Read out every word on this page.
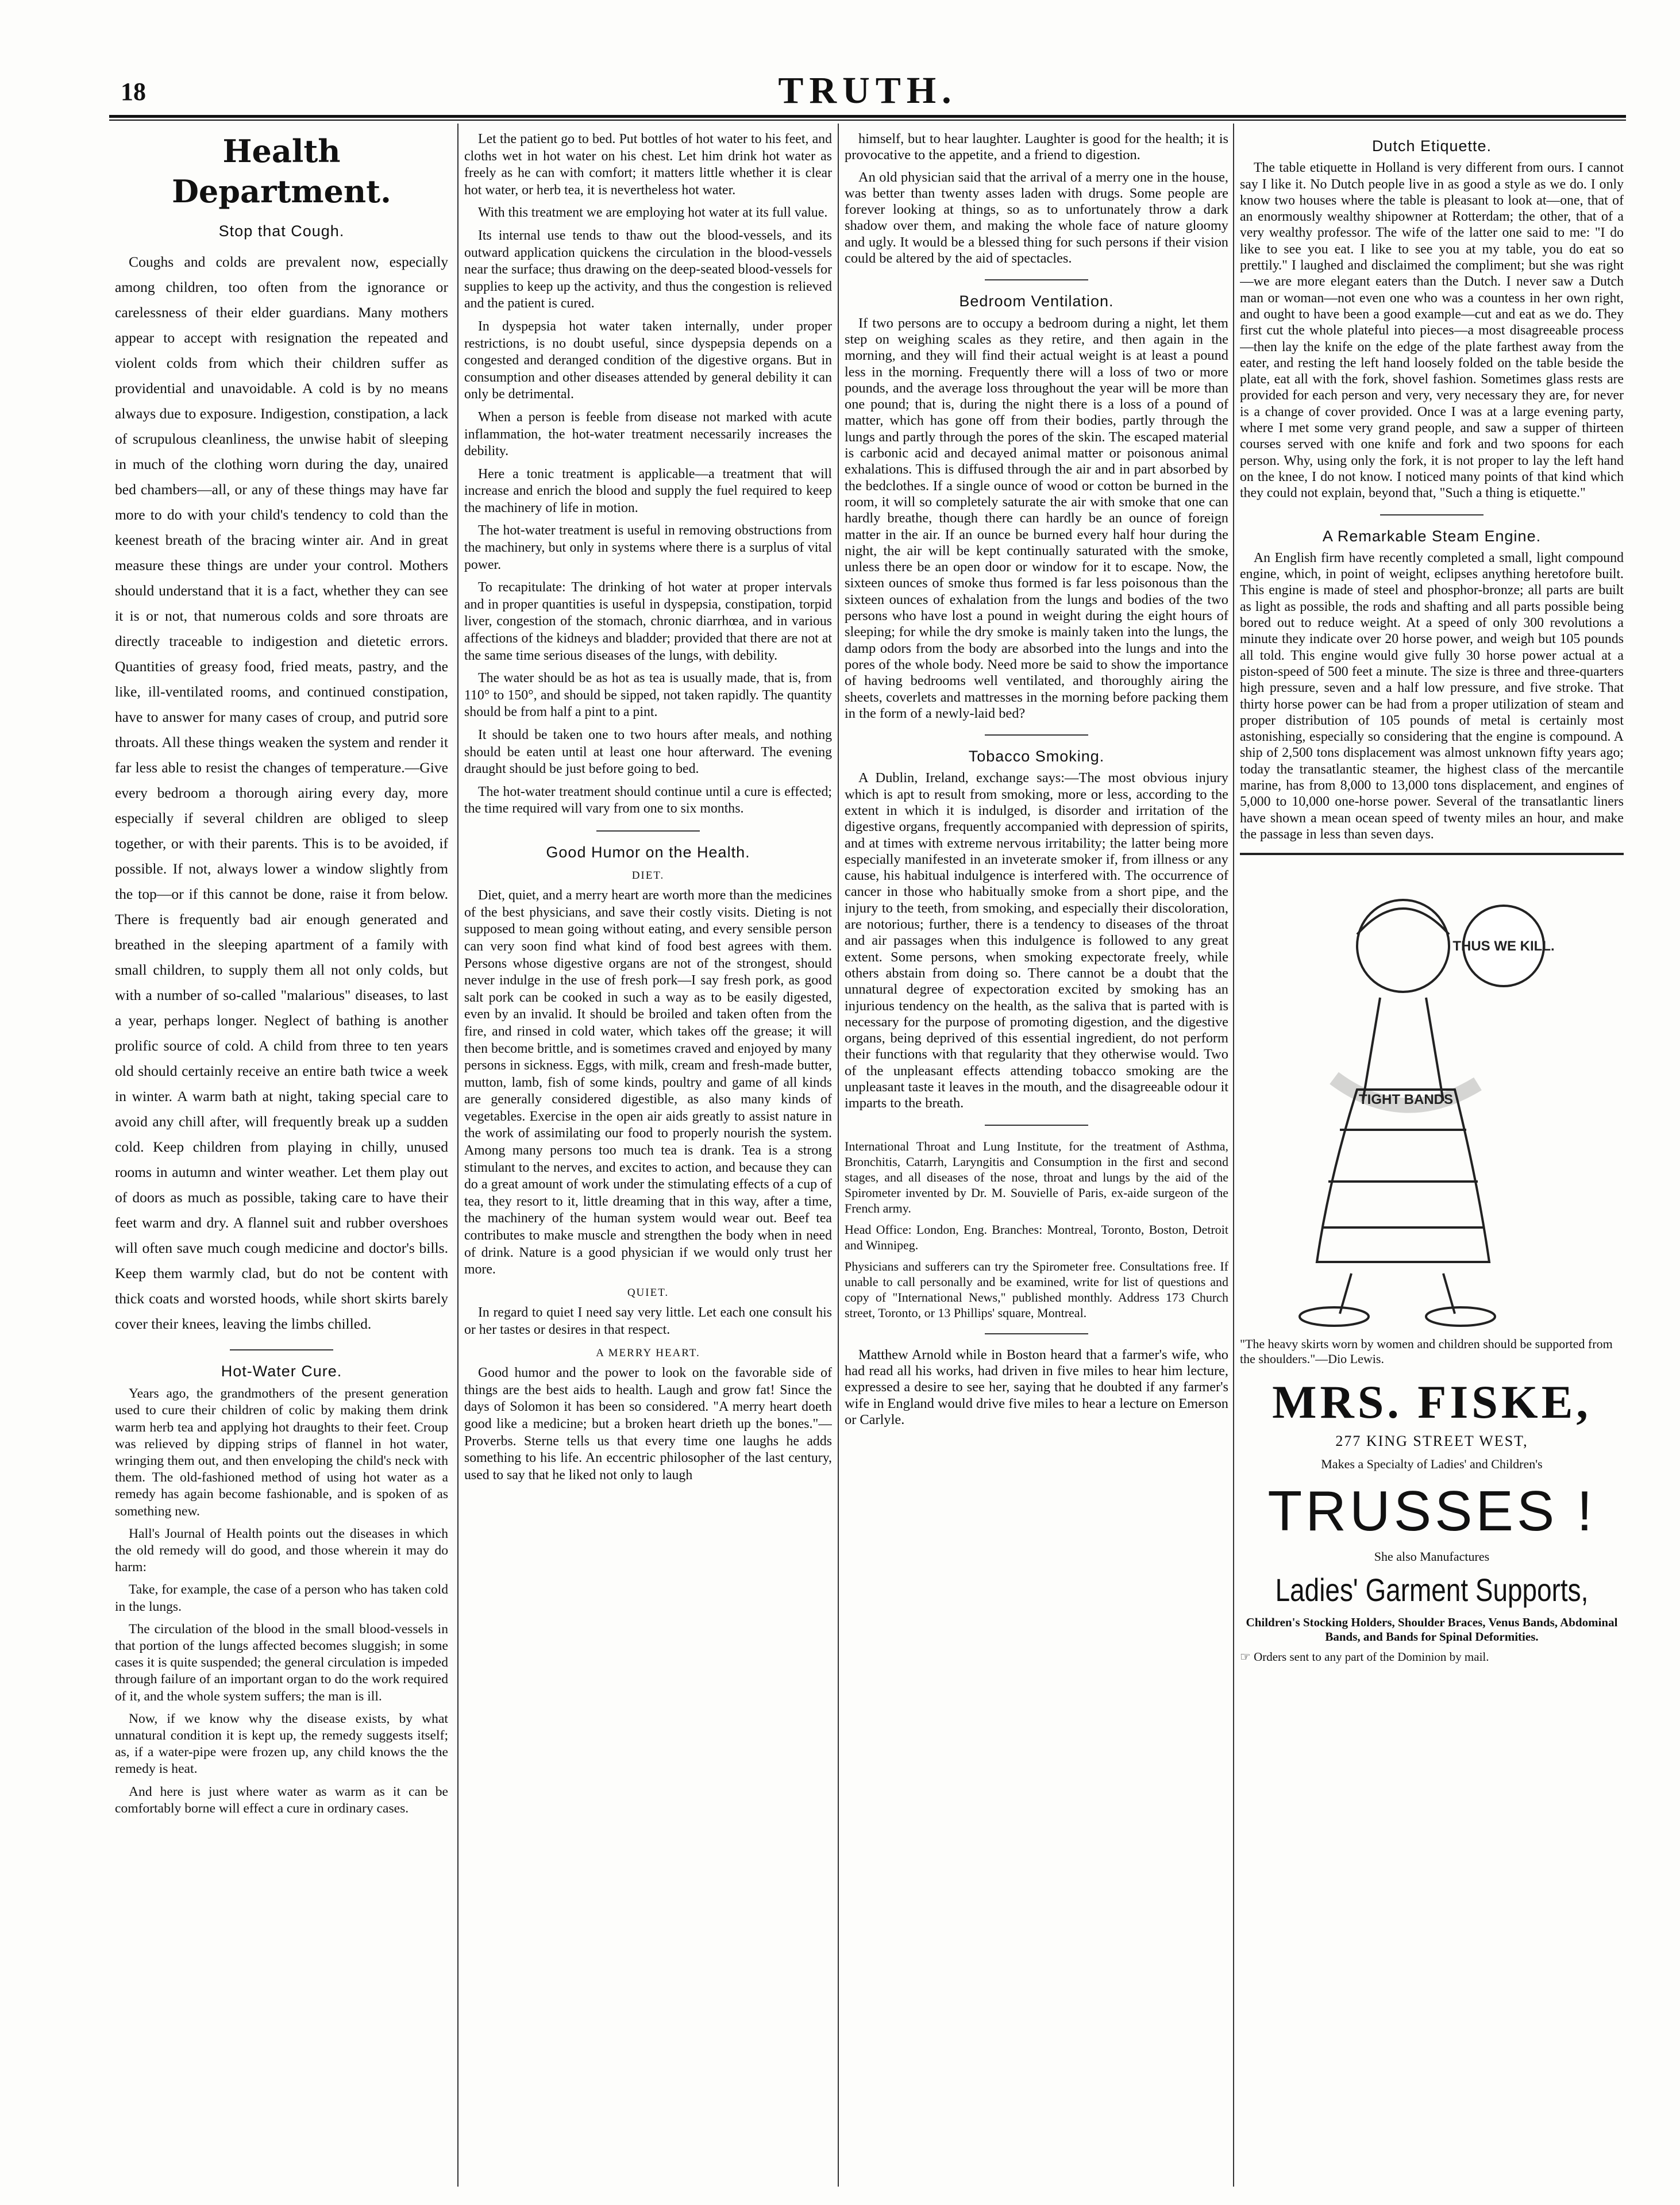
18	TRUTH.
Health Department.
Stop that Cough.

Coughs and colds are prevalent now, especially among children, too often from the ignorance or carelessness of their elder guardians. Many mothers appear to accept with resignation the repeated and violent colds from which their children suffer as providential and unavoidable. A cold is by no means always due to exposure. Indigestion, constipation, a lack of scrupulous cleanliness, the unwise habit of sleeping in much of the clothing worn during the day, unaired bed chambers—all, or any of these things may have far more to do with your child's tendency to cold than the keenest breath of the bracing winter air. And in great measure these things are under your control. Mothers should understand that it is a fact, whether they can see it is or not, that numerous colds and sore throats are directly traceable to indigestion and dietetic errors. Quantities of greasy food, fried meats, pastry, and the like, ill-ventilated rooms, and continued constipation, have to answer for many cases of croup, and putrid sore throats. All these things weaken the system and render it far less able to resist the changes of temperature.—Give every bedroom a thorough airing every day, more especially if several children are obliged to sleep together, or with their parents. This is to be avoided, if possible. If not, always lower a window slightly from the top—or if this cannot be done, raise it from below. There is frequently bad air enough generated and breathed in the sleeping apartment of a family with small children, to supply them all not only colds, but with a number of so-called "malarious" diseases, to last a year, perhaps longer. Neglect of bathing is another prolific source of cold. A child from three to ten years old should certainly receive an entire bath twice a week in winter. A warm bath at night, taking special care to avoid any chill after, will frequently break up a sudden cold. Keep children from playing in chilly, unused rooms in autumn and winter weather. Let them play out of doors as much as possible, taking care to have their feet warm and dry. A flannel suit and rubber overshoes will often save much cough medicine and doctor's bills. Keep them warmly clad, but do not be content with thick coats and worsted hoods, while short skirts barely cover their knees, leaving the limbs chilled.

Hot-Water Cure.

Years ago, the grandmothers of the present generation used to cure their children of colic by making them drink warm herb tea and applying hot draughts to their feet. Croup was relieved by dipping strips of flannel in hot water, wringing them out, and then enveloping the child's neck with them. The old-fashioned method of using hot water as a remedy has again become fashionable, and is spoken of as something new.

Hall's Journal of Health points out the diseases in which the old remedy will do good, and those wherein it may do harm:

Take, for example, the case of a person who has taken cold in the lungs.

The circulation of the blood in the small blood-vessels in that portion of the lungs affected becomes sluggish; in some cases it is quite suspended; the general circulation is impeded through failure of an important organ to do the work required of it, and the whole system suffers; the man is ill.

Now, if we know why the disease exists, by what unnatural condition it is kept up, the remedy suggests itself; as, if a water-pipe were frozen up, any child knows the the remedy is heat.

And here is just where water as warm as it can be comfortably borne will effect a cure in ordinary cases.

Let the patient go to bed. Put bottles of hot water to his feet, and cloths wet in hot water on his chest. Let him drink hot water as freely as he can with comfort; it matters little whether it is clear hot water, or herb tea, it is nevertheless hot water.

With this treatment we are employing hot water at its full value.

Its internal use tends to thaw out the blood-vessels, and its outward application quickens the circulation in the blood-vessels near the surface; thus drawing on the deep-seated blood-vessels for supplies to keep up the activity, and thus the congestion is relieved and the patient is cured.

In dyspepsia hot water taken internally, under proper restrictions, is no doubt useful, since dyspepsia depends on a congested and deranged condition of the digestive organs. But in consumption and other diseases attended by general debility it can only be detrimental.

When a person is feeble from disease not marked with acute inflammation, the hot-water treatment necessarily increases the debility.

Here a tonic treatment is applicable—a treatment that will increase and enrich the blood and supply the fuel required to keep the machinery of life in motion.

The hot-water treatment is useful in removing obstructions from the machinery, but only in systems where there is a surplus of vital power.

To recapitulate: The drinking of hot water at proper intervals and in proper quantities is useful in dyspepsia, constipation, torpid liver, congestion of the stomach, chronic diarrhœa, and in various affections of the kidneys and bladder; provided that there are not at the same time serious diseases of the lungs, with debility.

The water should be as hot as tea is usually made, that is, from 110° to 150°, and should be sipped, not taken rapidly. The quantity should be from half a pint to a pint.

It should be taken one to two hours after meals, and nothing should be eaten until at least one hour afterward. The evening draught should be just before going to bed.

The hot-water treatment should continue until a cure is effected; the time required will vary from one to six months.

Good Humor on the Health.
DIET.

Diet, quiet, and a merry heart are worth more than the medicines of the best physicians, and save their costly visits. Dieting is not supposed to mean going without eating, and every sensible person can very soon find what kind of food best agrees with them. Persons whose digestive organs are not of the strongest, should never indulge in the use of fresh pork—I say fresh pork, as good salt pork can be cooked in such a way as to be easily digested, even by an invalid. It should be broiled and taken often from the fire, and rinsed in cold water, which takes off the grease; it will then become brittle, and is sometimes craved and enjoyed by many persons in sickness. Eggs, with milk, cream and fresh-made butter, mutton, lamb, fish of some kinds, poultry and game of all kinds are generally considered digestible, as also many kinds of vegetables. Exercise in the open air aids greatly to assist nature in the work of assimilating our food to properly nourish the system. Among many persons too much tea is drank. Tea is a strong stimulant to the nerves, and excites to action, and because they can do a great amount of work under the stimulating effects of a cup of tea, they resort to it, little dreaming that in this way, after a time, the machinery of the human system would wear out. Beef tea contributes to make muscle and strengthen the body when in need of drink. Nature is a good physician if we would only trust her more.

QUIET.

In regard to quiet I need say very little. Let each one consult his or her tastes or desires in that respect.

A MERRY HEART.

Good humor and the power to look on the favorable side of things are the best aids to health. Laugh and grow fat! Since the days of Solomon it has been so considered. "A merry heart doeth good like a medicine; but a broken heart drieth up the bones."—Proverbs. Sterne tells us that every time one laughs he adds something to his life. An eccentric philosopher of the last century, used to say that he liked not only to laugh

himself, but to hear laughter. Laughter is good for the health; it is provocative to the appetite, and a friend to digestion.

An old physician said that the arrival of a merry one in the house, was better than twenty asses laden with drugs. Some people are forever looking at things, so as to unfortunately throw a dark shadow over them, and making the whole face of nature gloomy and ugly. It would be a blessed thing for such persons if their vision could be altered by the aid of spectacles.

Bedroom Ventilation.

If two persons are to occupy a bedroom during a night, let them step on weighing scales as they retire, and then again in the morning, and they will find their actual weight is at least a pound less in the morning. Frequently there will a loss of two or more pounds, and the average loss throughout the year will be more than one pound; that is, during the night there is a loss of a pound of matter, which has gone off from their bodies, partly through the lungs and partly through the pores of the skin. The escaped material is carbonic acid and decayed animal matter or poisonous animal exhalations. This is diffused through the air and in part absorbed by the bedclothes. If a single ounce of wood or cotton be burned in the room, it will so completely saturate the air with smoke that one can hardly breathe, though there can hardly be an ounce of foreign matter in the air. If an ounce be burned every half hour during the night, the air will be kept continually saturated with the smoke, unless there be an open door or window for it to escape. Now, the sixteen ounces of smoke thus formed is far less poisonous than the sixteen ounces of exhalation from the lungs and bodies of the two persons who have lost a pound in weight during the eight hours of sleeping; for while the dry smoke is mainly taken into the lungs, the damp odors from the body are absorbed into the lungs and into the pores of the whole body. Need more be said to show the importance of having bedrooms well ventilated, and thoroughly airing the sheets, coverlets and mattresses in the morning before packing them in the form of a newly-laid bed?

Tobacco Smoking.

A Dublin, Ireland, exchange says:—The most obvious injury which is apt to result from smoking, more or less, according to the extent in which it is indulged, is disorder and irritation of the digestive organs, frequently accompanied with depression of spirits, and at times with extreme nervous irritability; the latter being more especially manifested in an inveterate smoker if, from illness or any cause, his habitual indulgence is interfered with. The occurrence of cancer in those who habitually smoke from a short pipe, and the injury to the teeth, from smoking, and especially their discoloration, are notorious; further, there is a tendency to diseases of the throat and air passages when this indulgence is followed to any great extent. Some persons, when smoking expectorate freely, while others abstain from doing so. There cannot be a doubt that the unnatural degree of expectoration excited by smoking has an injurious tendency on the health, as the saliva that is parted with is necessary for the purpose of promoting digestion, and the digestive organs, being deprived of this essential ingredient, do not perform their functions with that regularity that they otherwise would. Two of the unpleasant effects attending tobacco smoking are the unpleasant taste it leaves in the mouth, and the disagreeable odour it imparts to the breath.

International Throat and Lung Institute, for the treatment of Asthma, Bronchitis, Catarrh, Laryngitis and Consumption in the first and second stages, and all diseases of the nose, throat and lungs by the aid of the Spirometer invented by Dr. M. Souvielle of Paris, ex-aide surgeon of the French army.

Head Office: London, Eng. Branches: Montreal, Toronto, Boston, Detroit and Winnipeg.

Physicians and sufferers can try the Spirometer free. Consultations free. If unable to call personally and be examined, write for list of questions and copy of "International News," published monthly. Address 173 Church street, Toronto, or 13 Phillips' square, Montreal.

Matthew Arnold while in Boston heard that a farmer's wife, who had read all his works, had driven in five miles to hear him lecture, expressed a desire to see her, saying that he doubted if any farmer's wife in England would drive five miles to hear a lecture on Emerson or Carlyle.

Dutch Etiquette.

The table etiquette in Holland is very different from ours. I cannot say I like it. No Dutch people live in as good a style as we do. I only know two houses where the table is pleasant to look at—one, that of an enormously wealthy shipowner at Rotterdam; the other, that of a very wealthy professor. The wife of the latter one said to me: "I do like to see you eat. I like to see you at my table, you do eat so prettily." I laughed and disclaimed the compliment; but she was right—we are more elegant eaters than the Dutch. I never saw a Dutch man or woman—not even one who was a countess in her own right, and ought to have been a good example—cut and eat as we do. They first cut the whole plateful into pieces—a most disagreeable process—then lay the knife on the edge of the plate farthest away from the eater, and resting the left hand loosely folded on the table beside the plate, eat all with the fork, shovel fashion. Sometimes glass rests are provided for each person and very, very necessary they are, for never is a change of cover provided. Once I was at a large evening party, where I met some very grand people, and saw a supper of thirteen courses served with one knife and fork and two spoons for each person. Why, using only the fork, it is not proper to lay the left hand on the knee, I do not know. I noticed many points of that kind which they could not explain, beyond that, "Such a thing is etiquette."

A Remarkable Steam Engine.

An English firm have recently completed a small, light compound engine, which, in point of weight, eclipses anything heretofore built. This engine is made of steel and phosphor-bronze; all parts are built as light as possible, the rods and shafting and all parts possible being bored out to reduce weight. At a speed of only 300 revolutions a minute they indicate over 20 horse power, and weigh but 105 pounds all told. This engine would give fully 30 horse power actual at a piston-speed of 500 feet a minute. The size is three and three-quarters high pressure, seven and a half low pressure, and five stroke. That thirty horse power can be had from a proper utilization of steam and proper distribution of 105 pounds of metal is certainly most astonishing, especially so considering that the engine is compound. A ship of 2,500 tons displacement was almost unknown fifty years ago; today the transatlantic steamer, the highest class of the mercantile marine, has from 8,000 to 13,000 tons displacement, and engines of 5,000 to 10,000 one-horse power. Several of the transatlantic liners have shown a mean ocean speed of twenty miles an hour, and make the passage in less than seven days.

THUS WE KILL.
TIGHT BANDS
"The heavy skirts worn by women and children should be supported from the shoulders."—Dio Lewis.
MRS. FISKE,
277 KING STREET WEST,
Makes a Specialty of Ladies' and Children's
TRUSSES !
She also Manufactures
Ladies' Garment Supports,
Children's Stocking Holders, Shoulder Braces, Venus Bands, Abdominal Bands, and Bands for Spinal Deformities.
☞ Orders sent to any part of the Dominion by mail.
